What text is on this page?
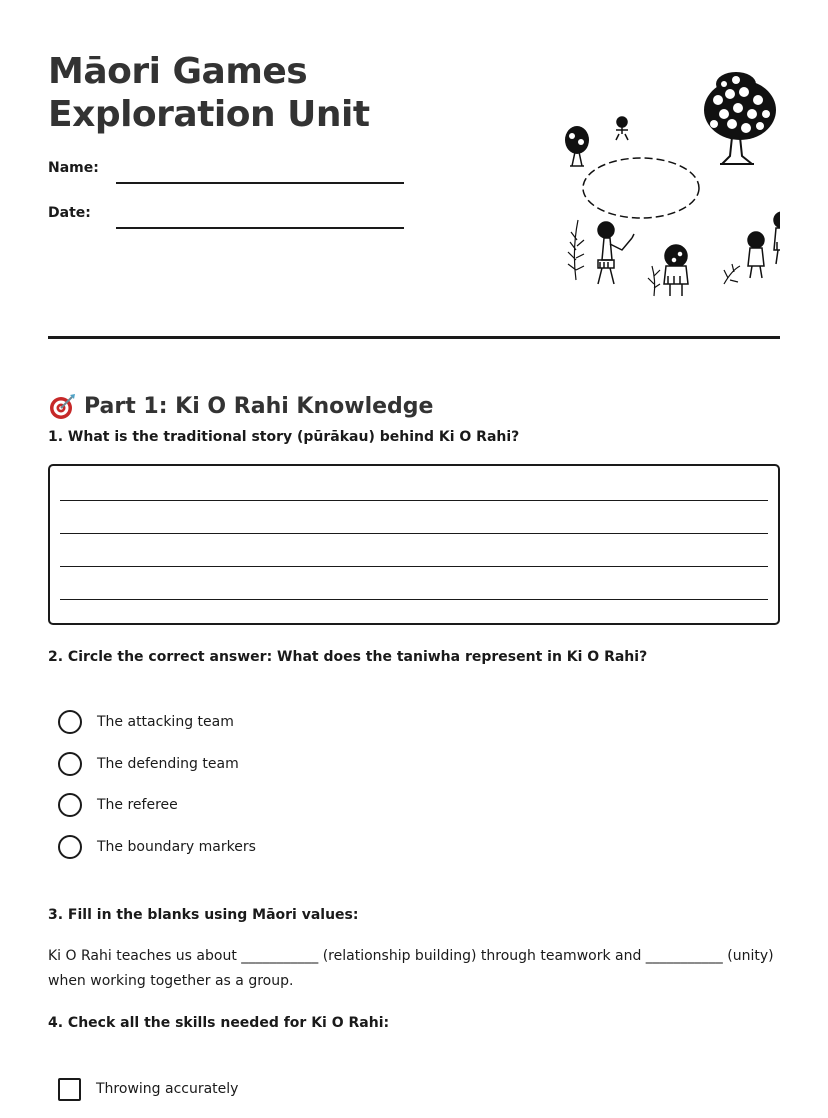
Māori Games
Exploration Unit
Name:
Date:
Part 1: Ki O Rahi Knowledge
1. What is the traditional story (pūrākau) behind Ki O Rahi?
2. Circle the correct answer: What does the taniwha represent in Ki O Rahi?
The attacking team
The defending team
The referee
The boundary markers
3. Fill in the blanks using Māori values:

Ki O Rahi teaches us about ___________ (relationship building) through teamwork and ___________ (unity) when working together as a group.

4. Check all the skills needed for Ki O Rahi:
Throwing accurately
